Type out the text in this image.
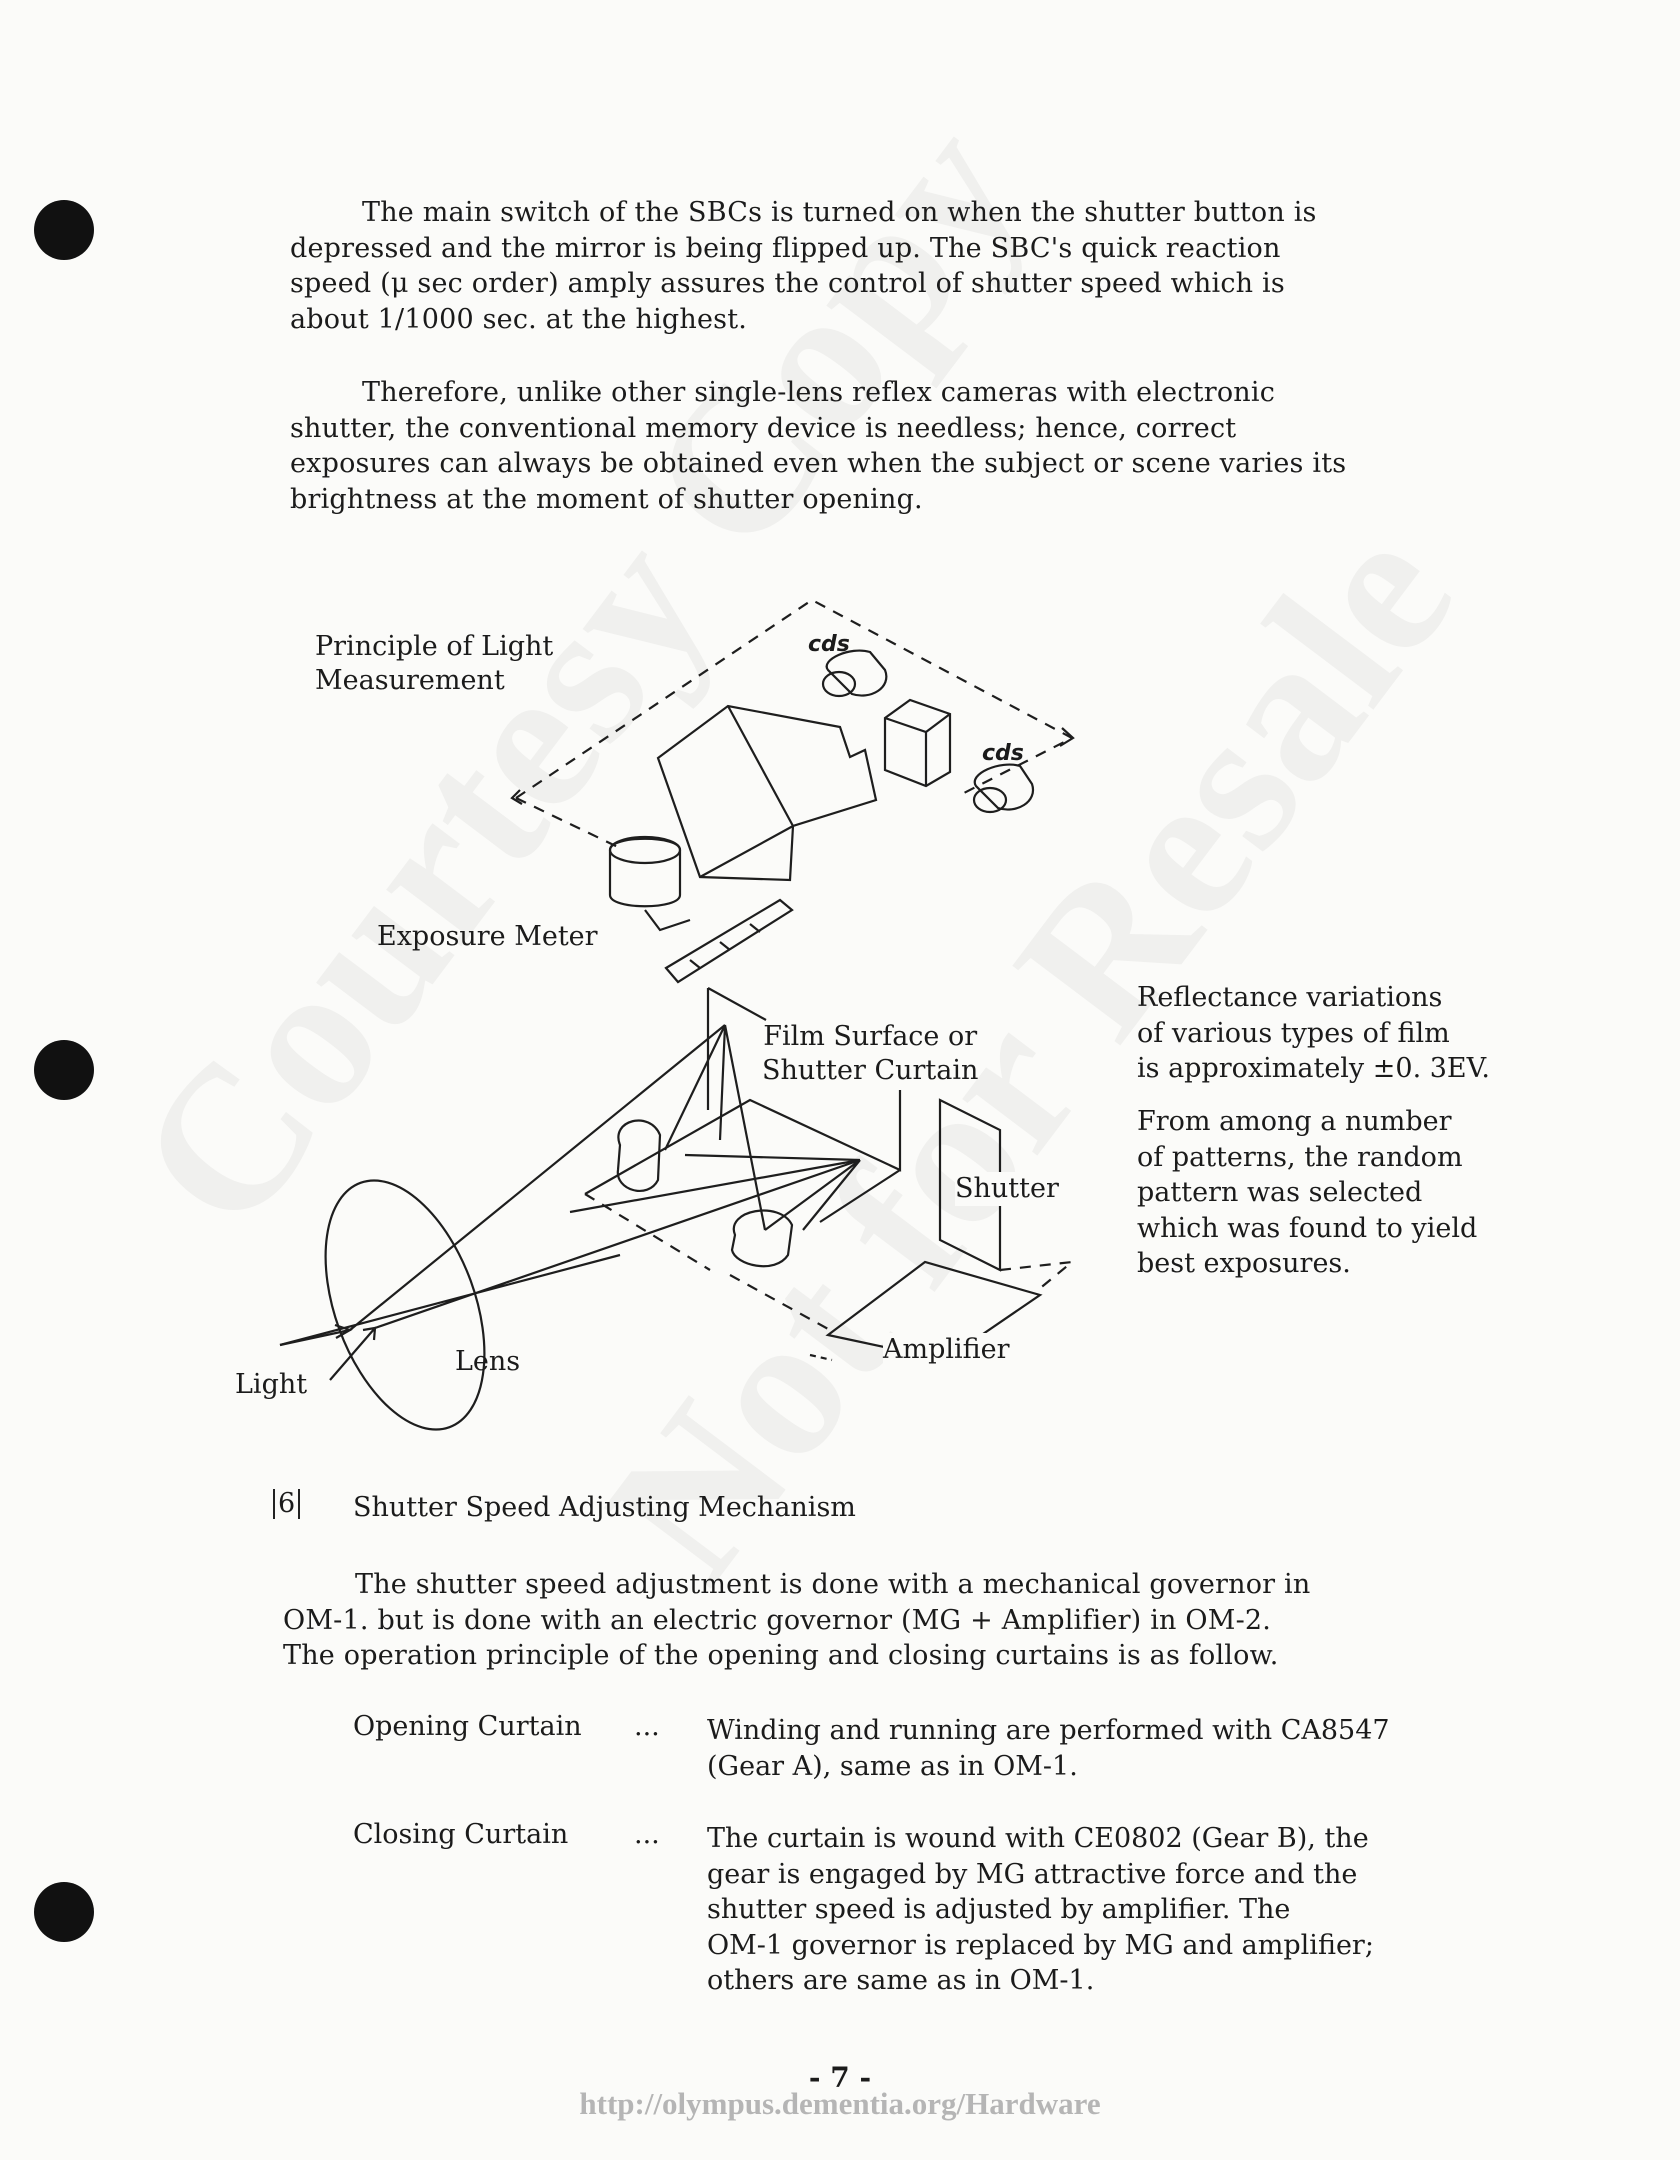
The main switch of the SBCs is turned on when the shutter button is
depressed and the mirror is being flipped up. The SBC's quick reaction
speed (μ sec order) amply assures the control of shutter speed which is
about 1/1000 sec. at the highest.
Therefore, unlike other single-lens reflex cameras with electronic
shutter, the conventional memory device is needless; hence, correct
exposures can always be obtained even when the subject or scene varies its
brightness at the moment of shutter opening.
Principle of Light
Measurement
cds
cds
Exposure Meter
Film Surface or
Shutter Curtain
Shutter
Lens
Light
Amplifier
Reflectance variations
of various types of film
is approximately ±0. 3EV.
From among a number
of patterns, the random
pattern was selected
which was found to yield
best exposures.
6 Shutter Speed Adjusting Mechanism
The shutter speed adjustment is done with a mechanical governor in
OM-1. but is done with an electric governor (MG + Amplifier) in OM-2.
The operation principle of the opening and closing curtains is as follow.
Opening Curtain ... Winding and running are performed with CA8547
(Gear A), same as in OM-1.
Closing Curtain ... The curtain is wound with CE0802 (Gear B), the
gear is engaged by MG attractive force and the
shutter speed is adjusted by amplifier. The
OM-1 governor is replaced by MG and amplifier;
others are same as in OM-1.
- 7 -
http://olympus.dementia.org/Hardware
